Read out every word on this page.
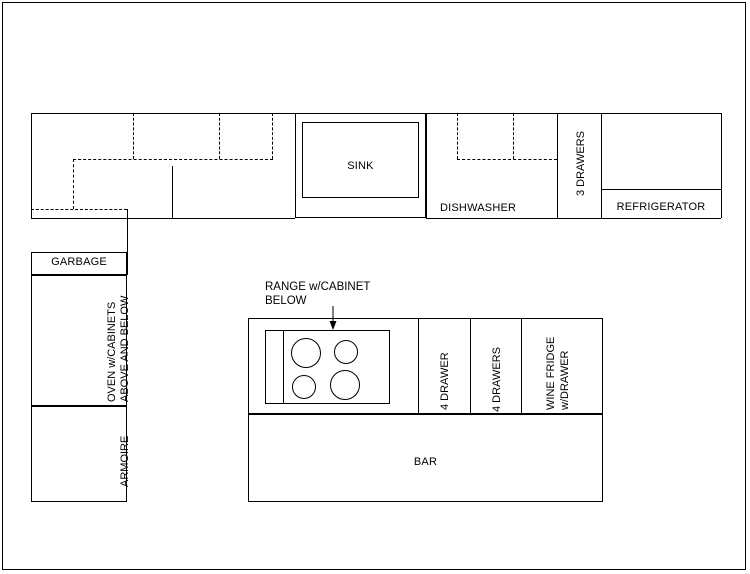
SINK
DISHWASHER
3 DRAWERS
REFRIGERATOR
GARBAGE
OVEN w/CABINETS ABOVE AND BELOW
ARMOIRE
RANGE w/CABINET
BELOW
4 DRAWER	4 DRAWERS	WINE FRIDGE w/DRAWER
BAR
